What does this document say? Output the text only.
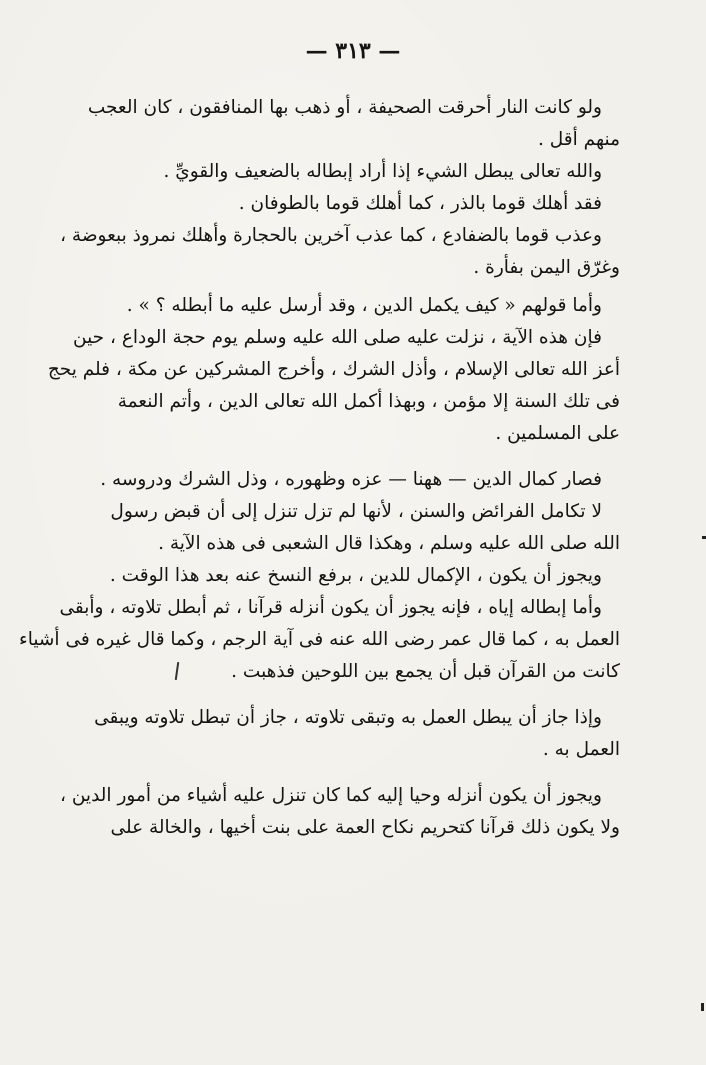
— ٣١٣ —
ولو كانت النار أحرقت الصحيفة ، أو ذهب بها المنافقون ، كان العجب
منهم أقل .
والله تعالى يبطل الشيء إذا أراد إبطاله بالضعيف والقويِّ .
فقد أهلك قوما بالذر ، كما أهلك قوما بالطوفان .
وعذب قوما بالضفادع ، كما عذب آخرين بالحجارة وأهلك نمروذ ببعوضة ،
وغرّق اليمن بفأرة .
وأما قولهم « كيف يكمل الدين ، وقد أرسل عليه ما أبطله ؟ » .
فإن هذه الآية ، نزلت عليه صلى الله عليه وسلم يوم حجة الوداع ، حين
أعز الله تعالى الإسلام ، وأذل الشرك ، وأخرج المشركين عن مكة ، فلم يحج
فى تلك السنة إلا مؤمن ، وبهذا أكمل الله تعالى الدين ، وأتم النعمة
على المسلمين .
فصار كمال الدين — ههنا — عزه وظهوره ، وذل الشرك ودروسه .
لا تكامل الفرائض والسنن ، لأنها لم تزل تنزل إلى أن قبض رسول
الله صلى الله عليه وسلم ، وهكذا قال الشعبى فى هذه الآية .
ويجوز أن يكون ، الإكمال للدين ، برفع النسخ عنه بعد هذا الوقت .
وأما إبطاله إياه ، فإنه يجوز أن يكون أنزله قرآنا ، ثم أبطل تلاوته ، وأبقى
العمل به ، كما قال عمر رضى الله عنه فى آية الرجم ، وكما قال غيره فى أشياء
كانت من القرآن قبل أن يجمع بين اللوحين فذهبت .
وإذا جاز أن يبطل العمل به وتبقى تلاوته ، جاز أن تبطل تلاوته ويبقى
العمل به .
ويجوز أن يكون أنزله وحيا إليه كما كان تنزل عليه أشياء من أمور الدين ،
ولا يكون ذلك قرآنا كتحريم نكاح العمة على بنت أخيها ، والخالة على
